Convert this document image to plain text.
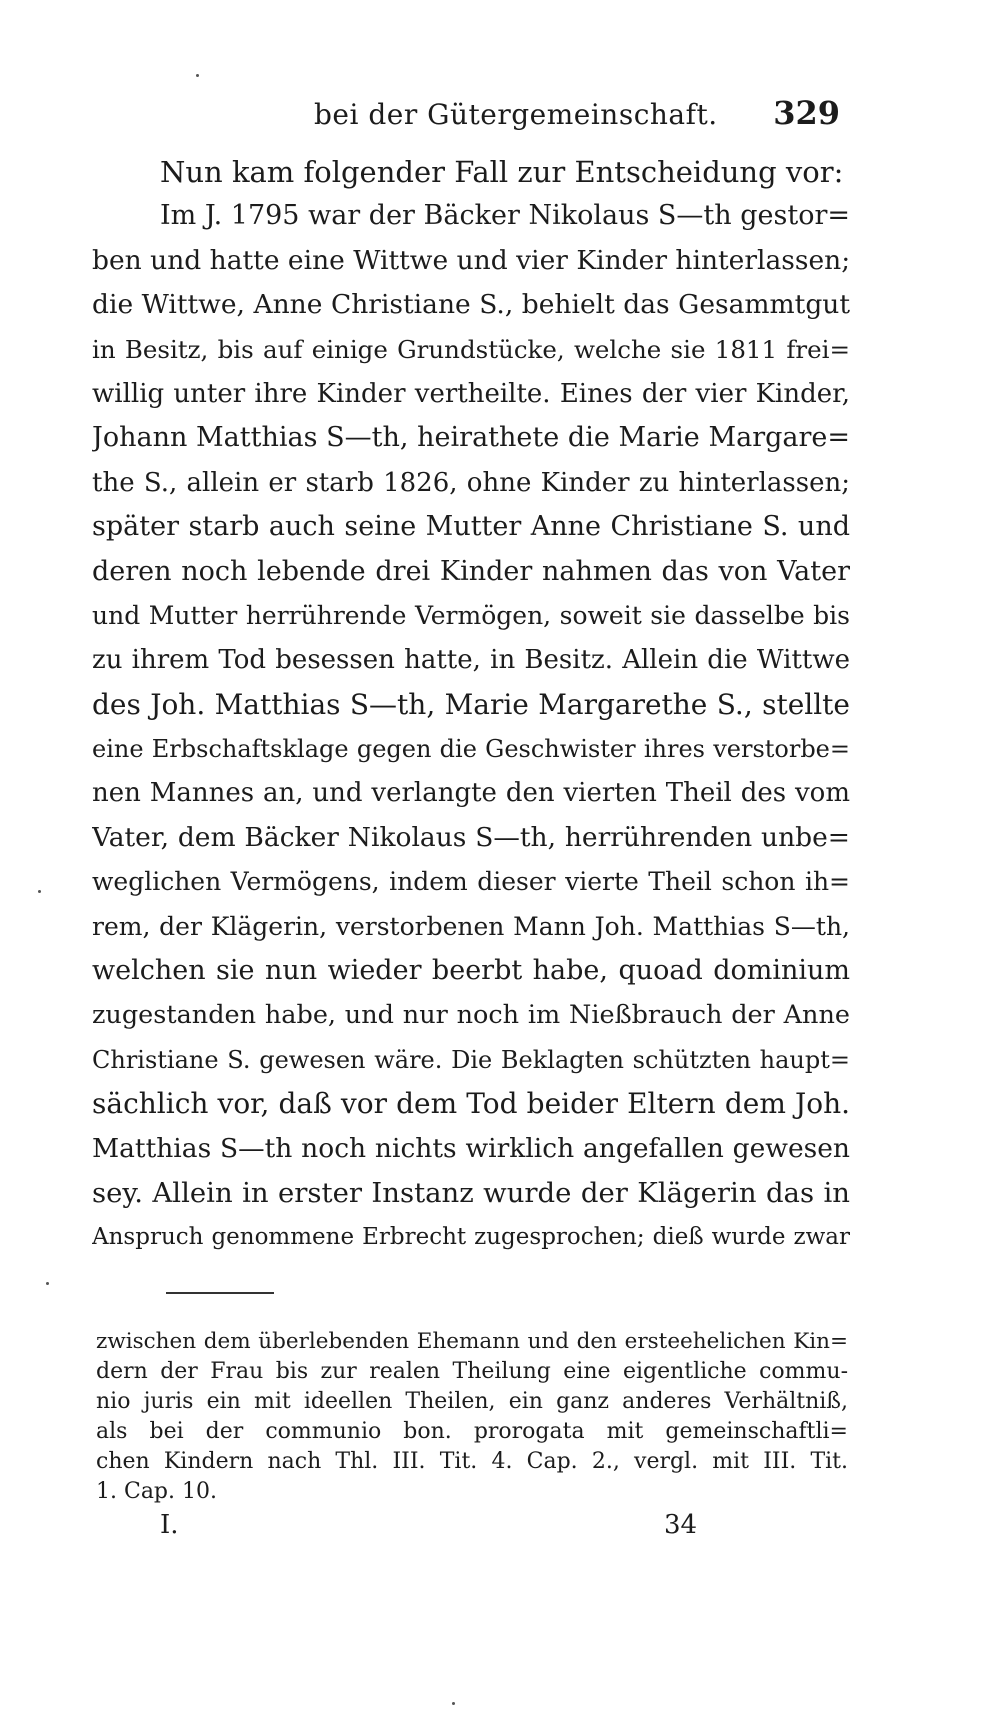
bei der Gütergemeinschaft. 329
Nun kam folgender Fall zur Entscheidung vor:
Im J. 1795 war der Bäcker Nikolaus S—th gestor=
ben und hatte eine Wittwe und vier Kinder hinterlassen;
die Wittwe, Anne Christiane S., behielt das Gesammtgut
in Besitz, bis auf einige Grundstücke, welche sie 1811 frei=
willig unter ihre Kinder vertheilte. Eines der vier Kinder,
Johann Matthias S—th, heirathete die Marie Margare=
the S., allein er starb 1826, ohne Kinder zu hinterlassen;
später starb auch seine Mutter Anne Christiane S. und
deren noch lebende drei Kinder nahmen das von Vater
und Mutter herrührende Vermögen, soweit sie dasselbe bis
zu ihrem Tod besessen hatte, in Besitz. Allein die Wittwe
des Joh. Matthias S—th, Marie Margarethe S., stellte
eine Erbschaftsklage gegen die Geschwister ihres verstorbe=
nen Mannes an, und verlangte den vierten Theil des vom
Vater, dem Bäcker Nikolaus S—th, herrührenden unbe=
weglichen Vermögens, indem dieser vierte Theil schon ih=
rem, der Klägerin, verstorbenen Mann Joh. Matthias S—th,
welchen sie nun wieder beerbt habe, quoad dominium
zugestanden habe, und nur noch im Nießbrauch der Anne
Christiane S. gewesen wäre. Die Beklagten schützten haupt=
sächlich vor, daß vor dem Tod beider Eltern dem Joh.
Matthias S—th noch nichts wirklich angefallen gewesen
sey. Allein in erster Instanz wurde der Klägerin das in
Anspruch genommene Erbrecht zugesprochen; dieß wurde zwar
zwischen dem überlebenden Ehemann und den ersteehelichen Kin=
dern der Frau bis zur realen Theilung eine eigentliche commu-
nio juris ein mit ideellen Theilen, ein ganz anderes Verhältniß,
als bei der communio bon. prorogata mit gemeinschaftli=
chen Kindern nach Thl. III. Tit. 4. Cap. 2., vergl. mit III. Tit.
1. Cap. 10.
I.	34
